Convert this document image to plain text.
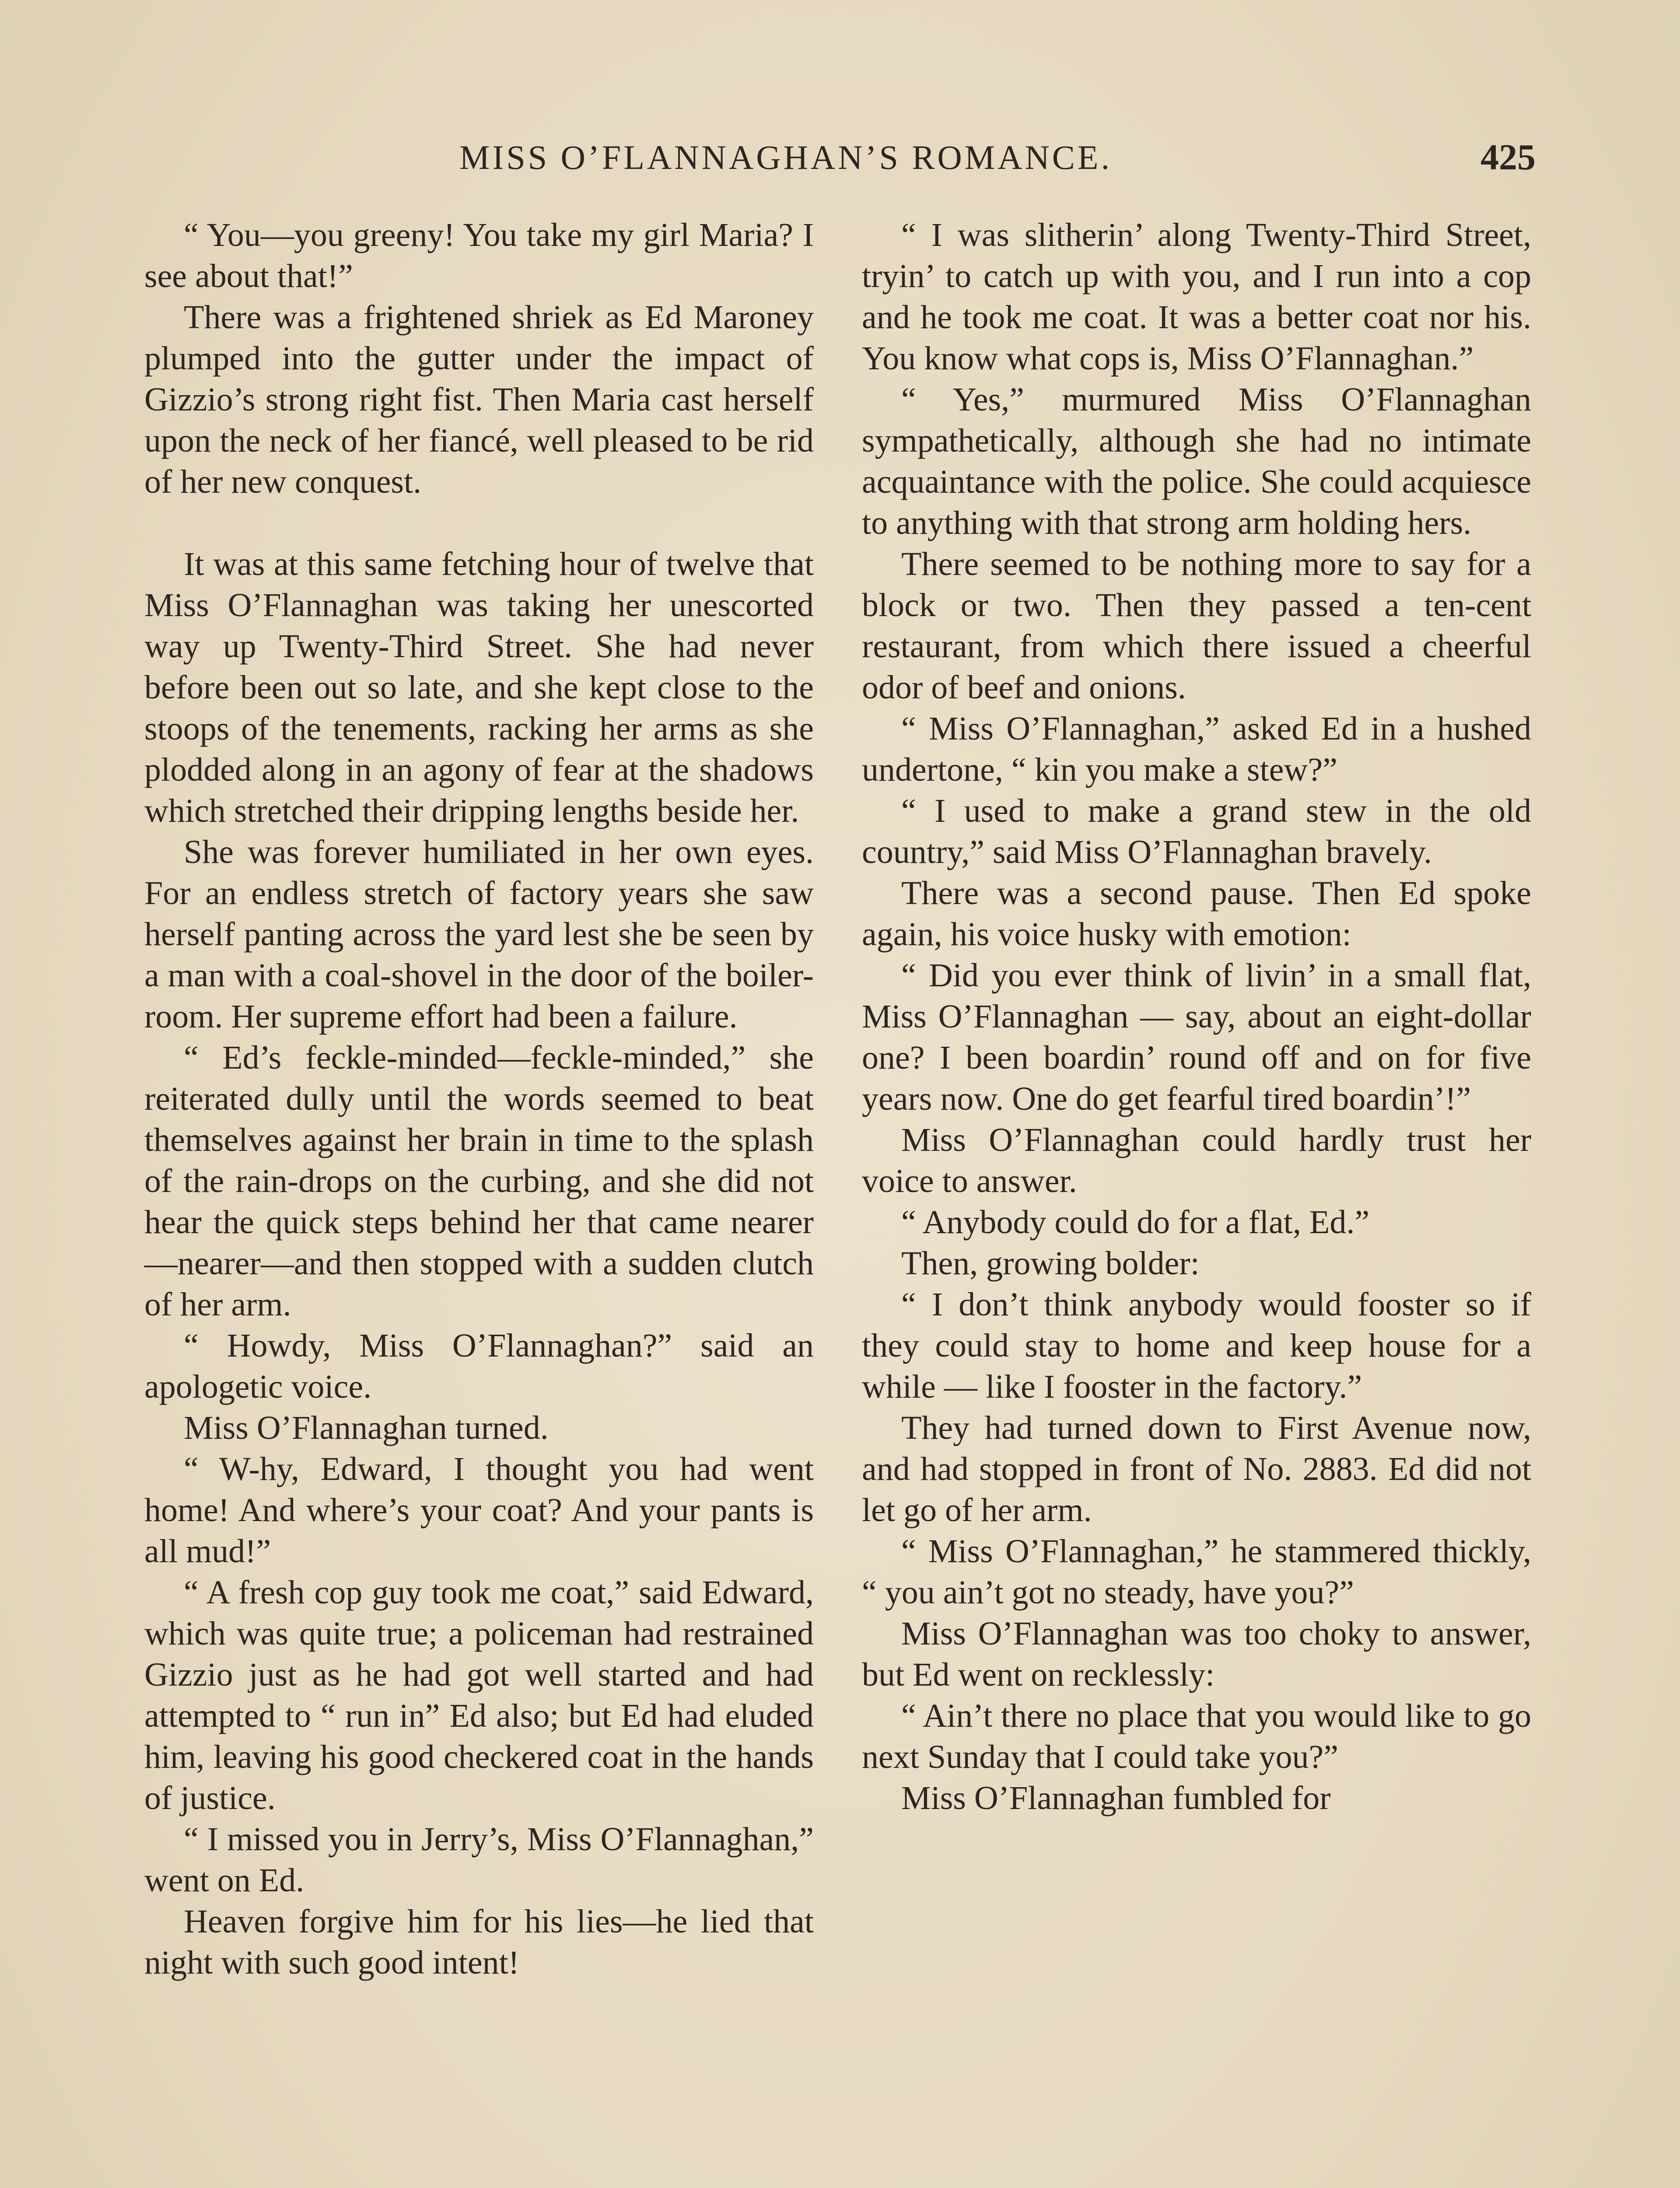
MISS O’FLANNAGHAN’S ROMANCE.	425

“ You—you greeny! You take my girl Maria? I see about that!”

There was a frightened shriek as Ed Maroney plumped into the gutter under the impact of Gizzio’s strong right fist. Then Maria cast herself upon the neck of her fiancé, well pleased to be rid of her new conquest.

It was at this same fetching hour of twelve that Miss O’Flannaghan was taking her unescorted way up Twenty-Third Street. She had never before been out so late, and she kept close to the stoops of the tenements, racking her arms as she plodded along in an agony of fear at the shadows which stretched their dripping lengths beside her.

She was forever humiliated in her own eyes. For an endless stretch of factory years she saw herself panting across the yard lest she be seen by a man with a coal-shovel in the door of the boiler-room. Her supreme effort had been a failure.

“ Ed’s feckle-minded—feckle-minded,” she reiterated dully until the words seemed to beat themselves against her brain in time to the splash of the rain-drops on the curbing, and she did not hear the quick steps behind her that came nearer—nearer—and then stopped with a sudden clutch of her arm.

“ Howdy, Miss O’Flannaghan?” said an apologetic voice.

Miss O’Flannaghan turned.

“ W-hy, Edward, I thought you had went home! And where’s your coat? And your pants is all mud!”

“ A fresh cop guy took me coat,” said Edward, which was quite true; a policeman had restrained Gizzio just as he had got well started and had attempted to “ run in” Ed also; but Ed had eluded him, leaving his good checkered coat in the hands of justice.

“ I missed you in Jerry’s, Miss O’Flannaghan,” went on Ed.

Heaven forgive him for his lies—he lied that night with such good intent!

“ I was slitherin’ along Twenty-Third Street, tryin’ to catch up with you, and I run into a cop and he took me coat. It was a better coat nor his. You know what cops is, Miss O’Flannaghan.”

“ Yes,” murmured Miss O’Flannaghan sympathetically, although she had no intimate acquaintance with the police. She could acquiesce to anything with that strong arm holding hers.

There seemed to be nothing more to say for a block or two. Then they passed a ten-cent restaurant, from which there issued a cheerful odor of beef and onions.

“ Miss O’Flannaghan,” asked Ed in a hushed undertone, “ kin you make a stew?”

“ I used to make a grand stew in the old country,” said Miss O’Flannaghan bravely.

There was a second pause. Then Ed spoke again, his voice husky with emotion:

“ Did you ever think of livin’ in a small flat, Miss O’Flannaghan — say, about an eight-dollar one? I been boardin’ round off and on for five years now. One do get fearful tired boardin’!”

Miss O’Flannaghan could hardly trust her voice to answer.

“ Anybody could do for a flat, Ed.”

Then, growing bolder:

“ I don’t think anybody would fooster so if they could stay to home and keep house for a while — like I fooster in the factory.”

They had turned down to First Avenue now, and had stopped in front of No. 2883. Ed did not let go of her arm.

“ Miss O’Flannaghan,” he stammered thickly, “ you ain’t got no steady, have you?”

Miss O’Flannaghan was too choky to answer, but Ed went on recklessly:

“ Ain’t there no place that you would like to go next Sunday that I could take you?”

Miss O’Flannaghan fumbled for
